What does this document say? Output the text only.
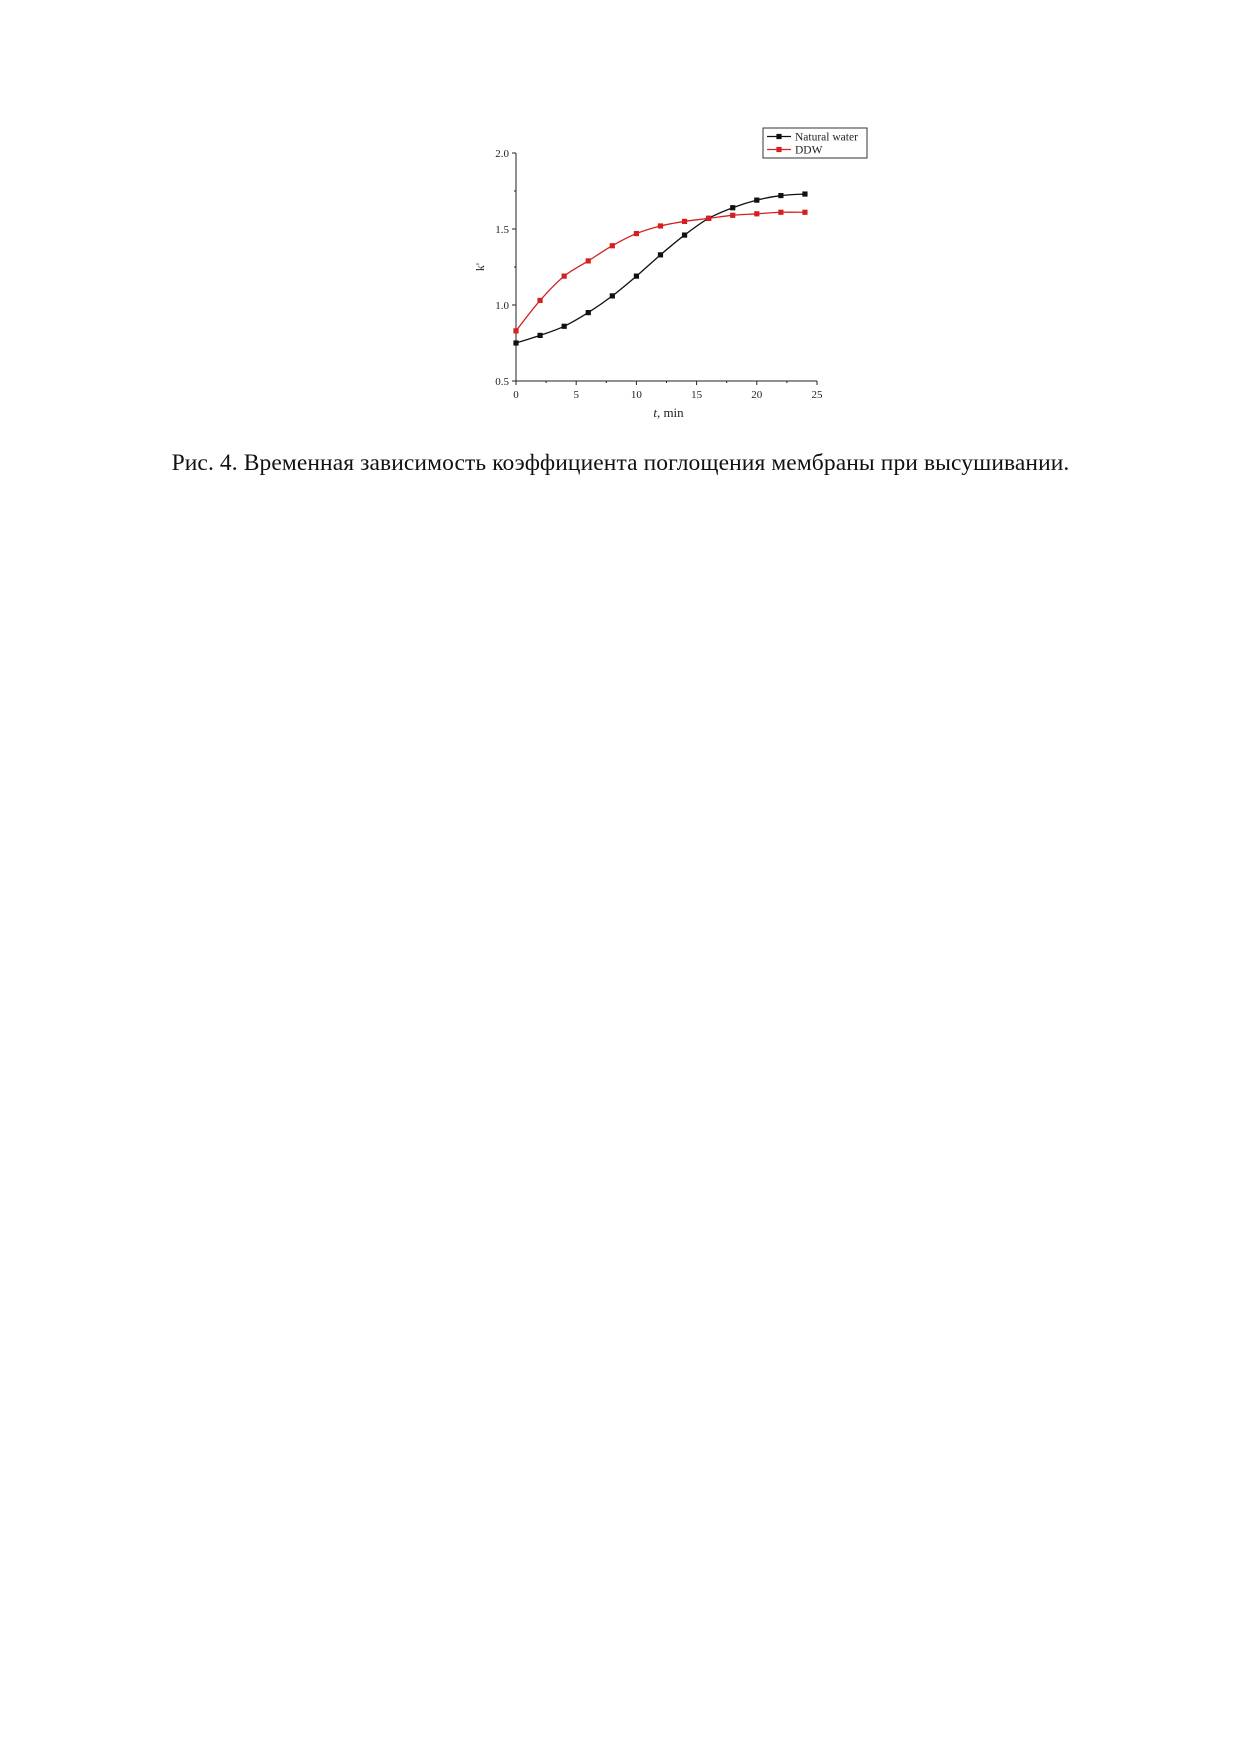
0	5	10	15	20	25
0.5
1.0
1.5
2.0
t, min
k'
Natural water
DDW
Рис. 4. Временная зависимость коэффициента поглощения мембраны при высушивании.
